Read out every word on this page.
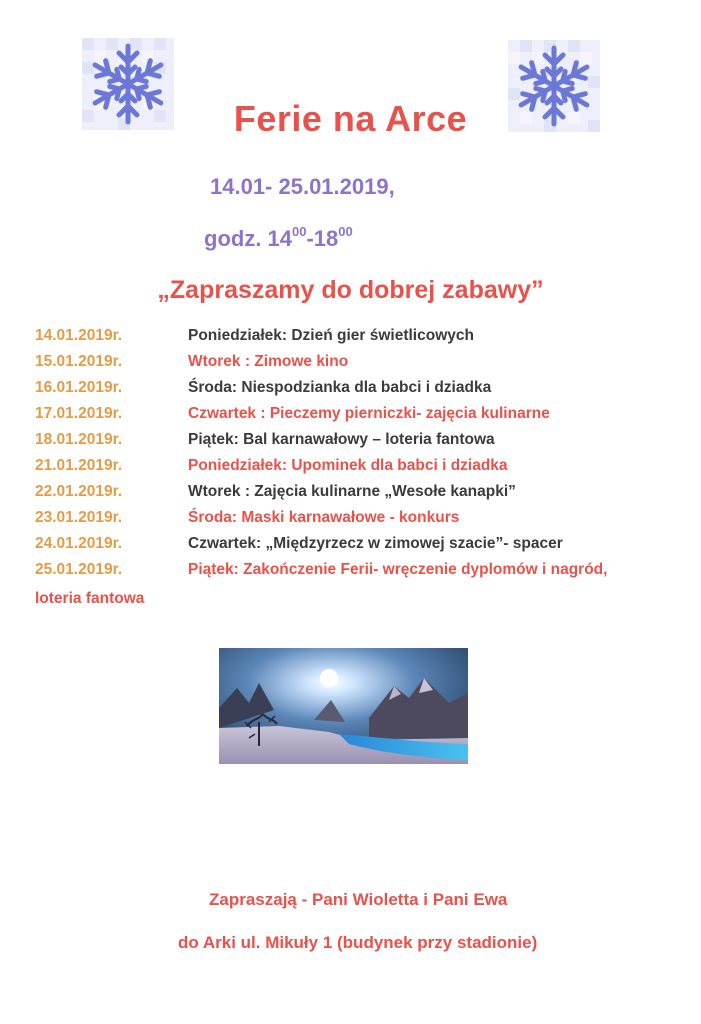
Ferie na Arce
14.01- 25.01.2019,
godz. $14^{00}-18^{00}$
„Zapraszamy do dobrej zabawy”
14.01.2019r.	Poniedziałek: Dzień gier świetlicowych
15.01.2019r.	Wtorek : Zimowe kino
16.01.2019r.	Środa: Niespodzianka dla babci i dziadka
17.01.2019r.	Czwartek : Pieczemy pierniczki- zajęcia kulinarne
18.01.2019r.	Piątek: Bal karnawałowy – loteria fantowa
21.01.2019r.	Poniedziałek: Upominek dla babci i dziadka
22.01.2019r.	Wtorek : Zajęcia kulinarne „Wesołe kanapki”
23.01.2019r.	Środa: Maski karnawałowe - konkurs
24.01.2019r.	Czwartek: „Międzyrzecz w zimowej szacie”- spacer
25.01.2019r.	Piątek: Zakończenie Ferii- wręczenie dyplomów i nagród,
loteria fantowa
Zapraszają - Pani Wioletta i Pani Ewa
do Arki ul. Mikuły 1 (budynek przy stadionie)
